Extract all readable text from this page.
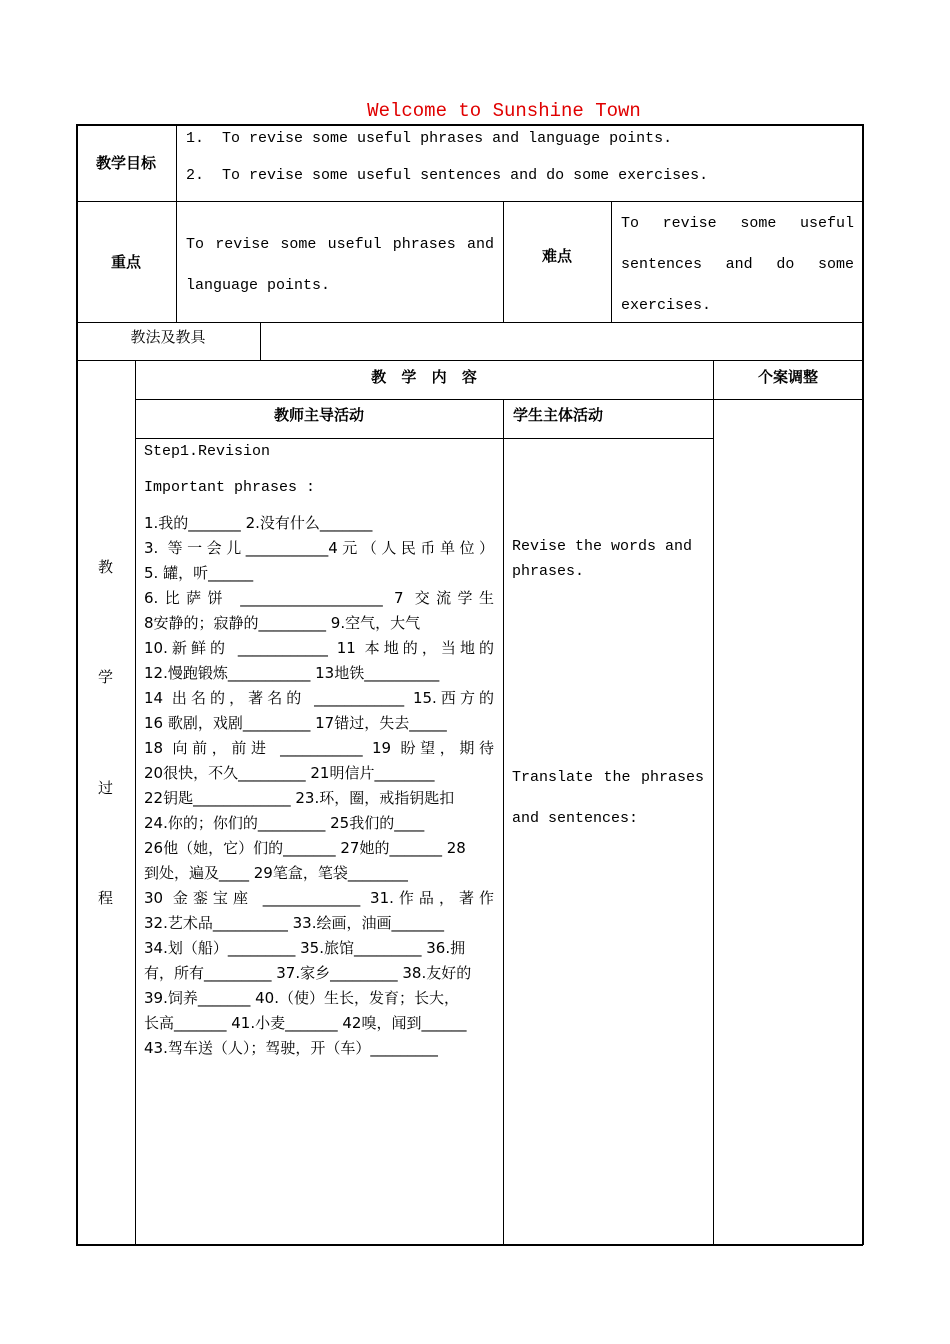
Welcome to Sunshine Town
教学目标
1. To revise some useful phrases and language points.
2. To revise some useful sentences and do some exercises.
重点
To revise some useful phrases and language points.
难点
To revise some useful sentences and do some exercises.
教法及教具
教
学
过
程
教 学 内 容	个案调整
教师主导活动	学生主体活动
Step1.Revision
Important phrases :
1.我的_______ 2.没有什么_______
3. 等一会儿___________4元（人民币单位）
5. 罐，听______
6.比萨饼 ___________________ 7 交流学生
8安静的；寂静的_________ 9.空气，大气
10.新鲜的 ____________ 11 本地的，当地的
12.慢跑锻炼___________ 13地铁__________
14 出名的，著名的 ____________ 15.西方的
16 歌剧，戏剧_________ 17错过，失去_____
18 向前，前进 ___________ 19 盼望，期待
20很快，不久_________ 21明信片________
22钥匙_____________ 23.环，圈，戒指钥匙扣
24.你的；你们的_________ 25我们的____
26他（她，它）们的_______ 27她的_______ 28
到处，遍及____ 29笔盒，笔袋________
30 金銮宝座 _____________ 31.作品，著作
32.艺术品__________ 33.绘画，油画_______
34.划（船）_________ 35.旅馆_________ 36.拥
有，所有_________ 37.家乡_________ 38.友好的
39.饲养_______ 40.（使）生长，发育；长大，
长高_______ 41.小麦_______ 42嗅，闻到______
43.驾车送（人）；驾驶，开（车）_________
Revise the words and phrases.
Translate the phrases and sentences:
